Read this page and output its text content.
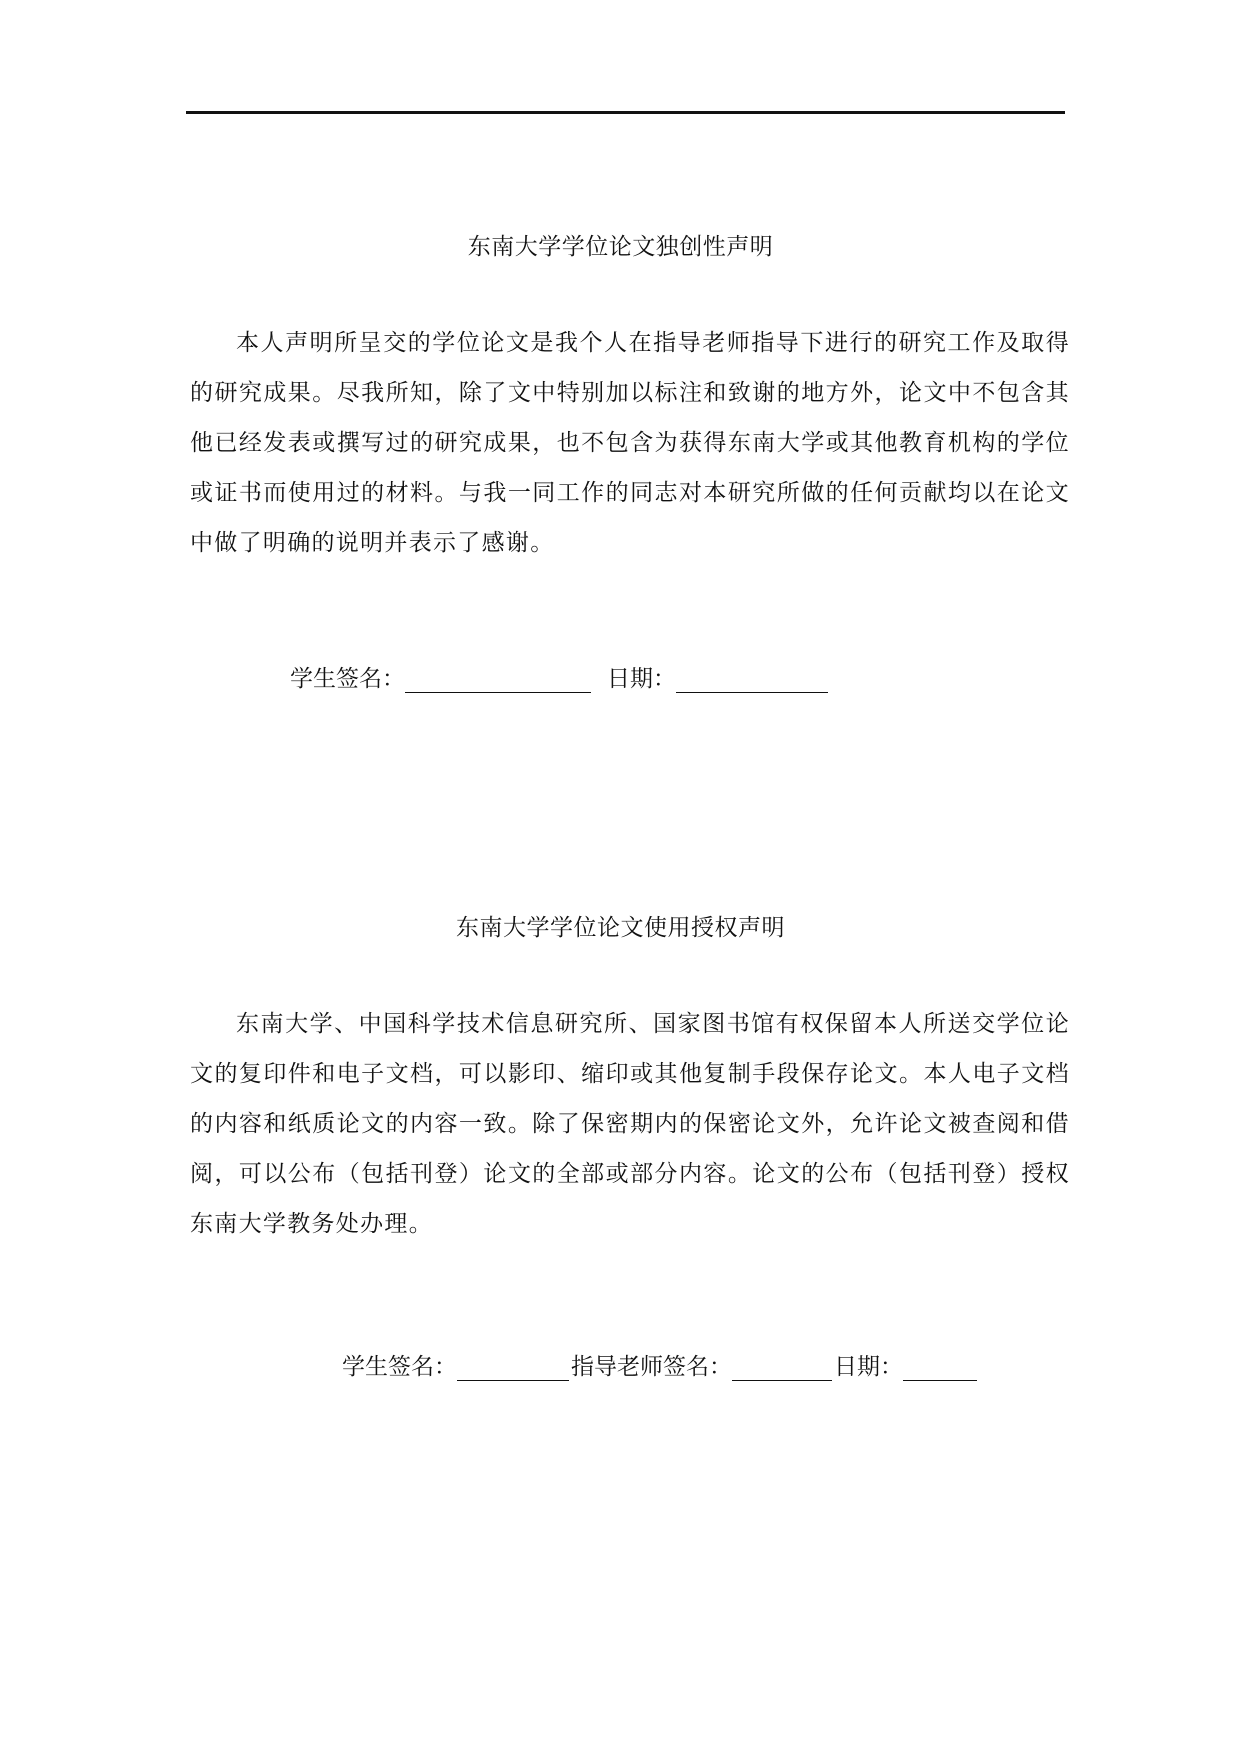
东南大学学位论文独创性声明

本人声明所呈交的学位论文是我个人在指导老师指导下进行的研究工作及取得的研究成果。尽我所知，除了文中特别加以标注和致谢的地方外，论文中不包含其他已经发表或撰写过的研究成果，也不包含为获得东南大学或其他教育机构的学位或证书而使用过的材料。与我一同工作的同志对本研究所做的任何贡献均以在论文中做了明确的说明并表示了感谢。

学生签名：	日期：
东南大学学位论文使用授权声明

东南大学、中国科学技术信息研究所、国家图书馆有权保留本人所送交学位论文的复印件和电子文档，可以影印、缩印或其他复制手段保存论文。本人电子文档的内容和纸质论文的内容一致。除了保密期内的保密论文外，允许论文被查阅和借阅，可以公布（包括刊登）论文的全部或部分内容。论文的公布（包括刊登）授权东南大学教务处办理。

学生签名：	指导老师签名：	日期：
